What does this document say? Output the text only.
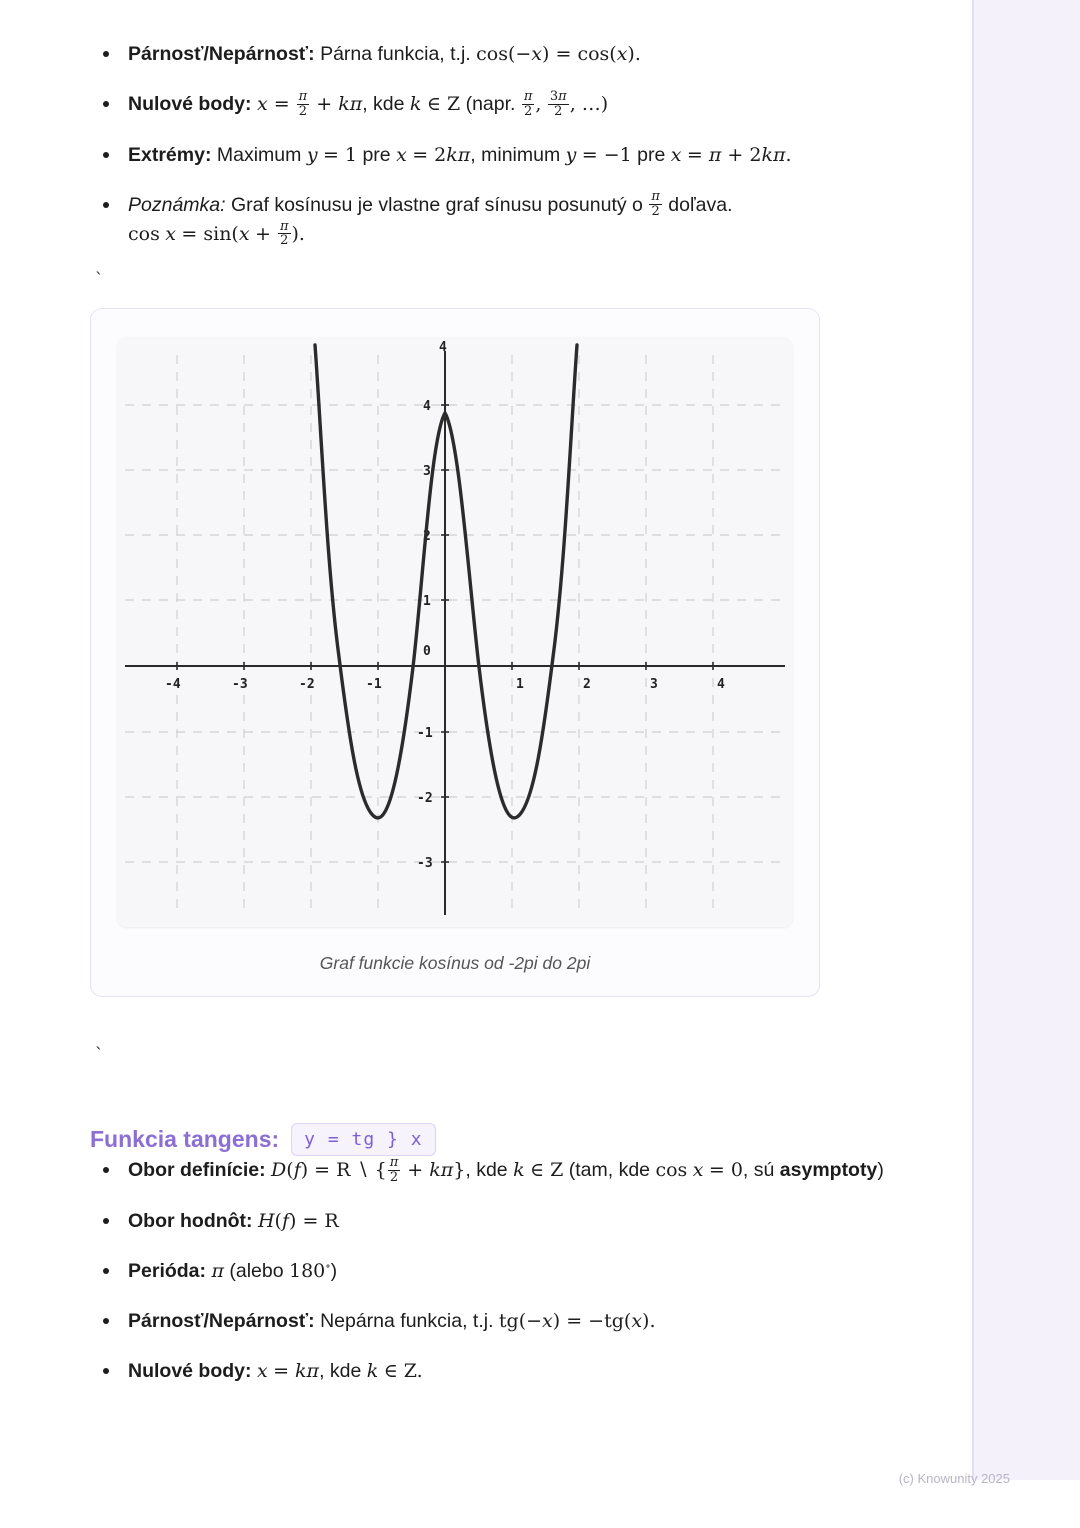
Párnosť/Nepárnosť: Párna funkcia, t.j. cos(−x) = cos(x).
Nulové body: $x = \frac{\pi}{2} + k\pi$, kde k ∈ Z (napr. $\frac{\pi}{2}$ , $\frac{3\pi}{2}$ , …)
Extrémy: Maximum y = 1 pre x = 2kπ, minimum y = −1 pre x = π + 2kπ.
Poznámka: Graf kosínusu je vlastne graf sínusu posunutý o $\frac{\pi}{2}$ doľava.
$\cos x = \sin(x + \frac{\pi}{2}$ ).
`
-4	-3	-2	-1	1	2	3	4
4
3
2
1
0
-1
-2
-3
4
Graf funkcie kosínus od -2pi do 2pi
`
Funkcia tangens:	y = tg } x
Obor definície: D(f) = R ∖ { $\frac{\pi}{2} + k\pi$}, kde k ∈ Z (tam, kde cos x = 0, sú asymptoty)
Obor hodnôt: H(f) = R
Perióda: π (alebo 180∘)
Párnosť/Nepárnosť: Nepárna funkcia, t.j. tg(−x) = −tg(x).
Nulové body: x = kπ, kde k ∈ Z.
(c) Knowunity 2025
